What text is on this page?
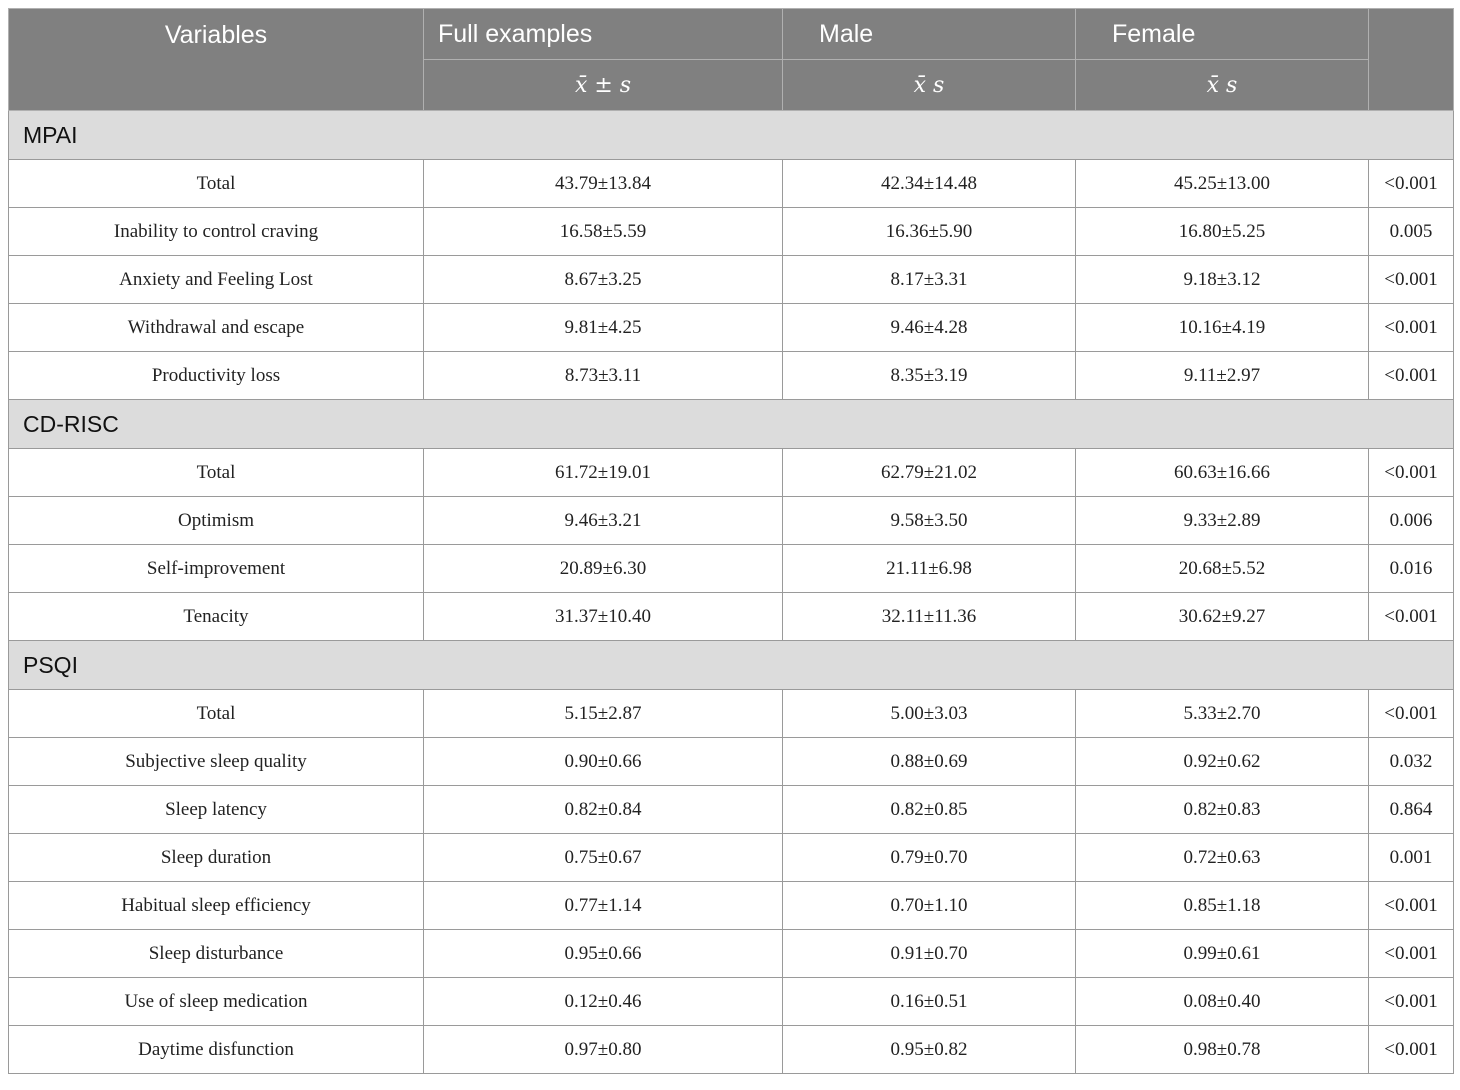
Variables	Full examples	Male	Female	
	x̄ ± s	x̄ s	x̄ s	
MPAI				
Total	43.79±13.84	42.34±14.48	45.25±13.00	<0.001
Inability to control craving	16.58±5.59	16.36±5.90	16.80±5.25	0.005
Anxiety and Feeling Lost	8.67±3.25	8.17±3.31	9.18±3.12	<0.001
Withdrawal and escape	9.81±4.25	9.46±4.28	10.16±4.19	<0.001
Productivity loss	8.73±3.11	8.35±3.19	9.11±2.97	<0.001
CD-RISC				
Total	61.72±19.01	62.79±21.02	60.63±16.66	<0.001
Optimism	9.46±3.21	9.58±3.50	9.33±2.89	0.006
Self-improvement	20.89±6.30	21.11±6.98	20.68±5.52	0.016
Tenacity	31.37±10.40	32.11±11.36	30.62±9.27	<0.001
PSQI				
Total	5.15±2.87	5.00±3.03	5.33±2.70	<0.001
Subjective sleep quality	0.90±0.66	0.88±0.69	0.92±0.62	0.032
Sleep latency	0.82±0.84	0.82±0.85	0.82±0.83	0.864
Sleep duration	0.75±0.67	0.79±0.70	0.72±0.63	0.001
Habitual sleep efficiency	0.77±1.14	0.70±1.10	0.85±1.18	<0.001
Sleep disturbance	0.95±0.66	0.91±0.70	0.99±0.61	<0.001
Use of sleep medication	0.12±0.46	0.16±0.51	0.08±0.40	<0.001
Daytime disfunction	0.97±0.80	0.95±0.82	0.98±0.78	<0.001
